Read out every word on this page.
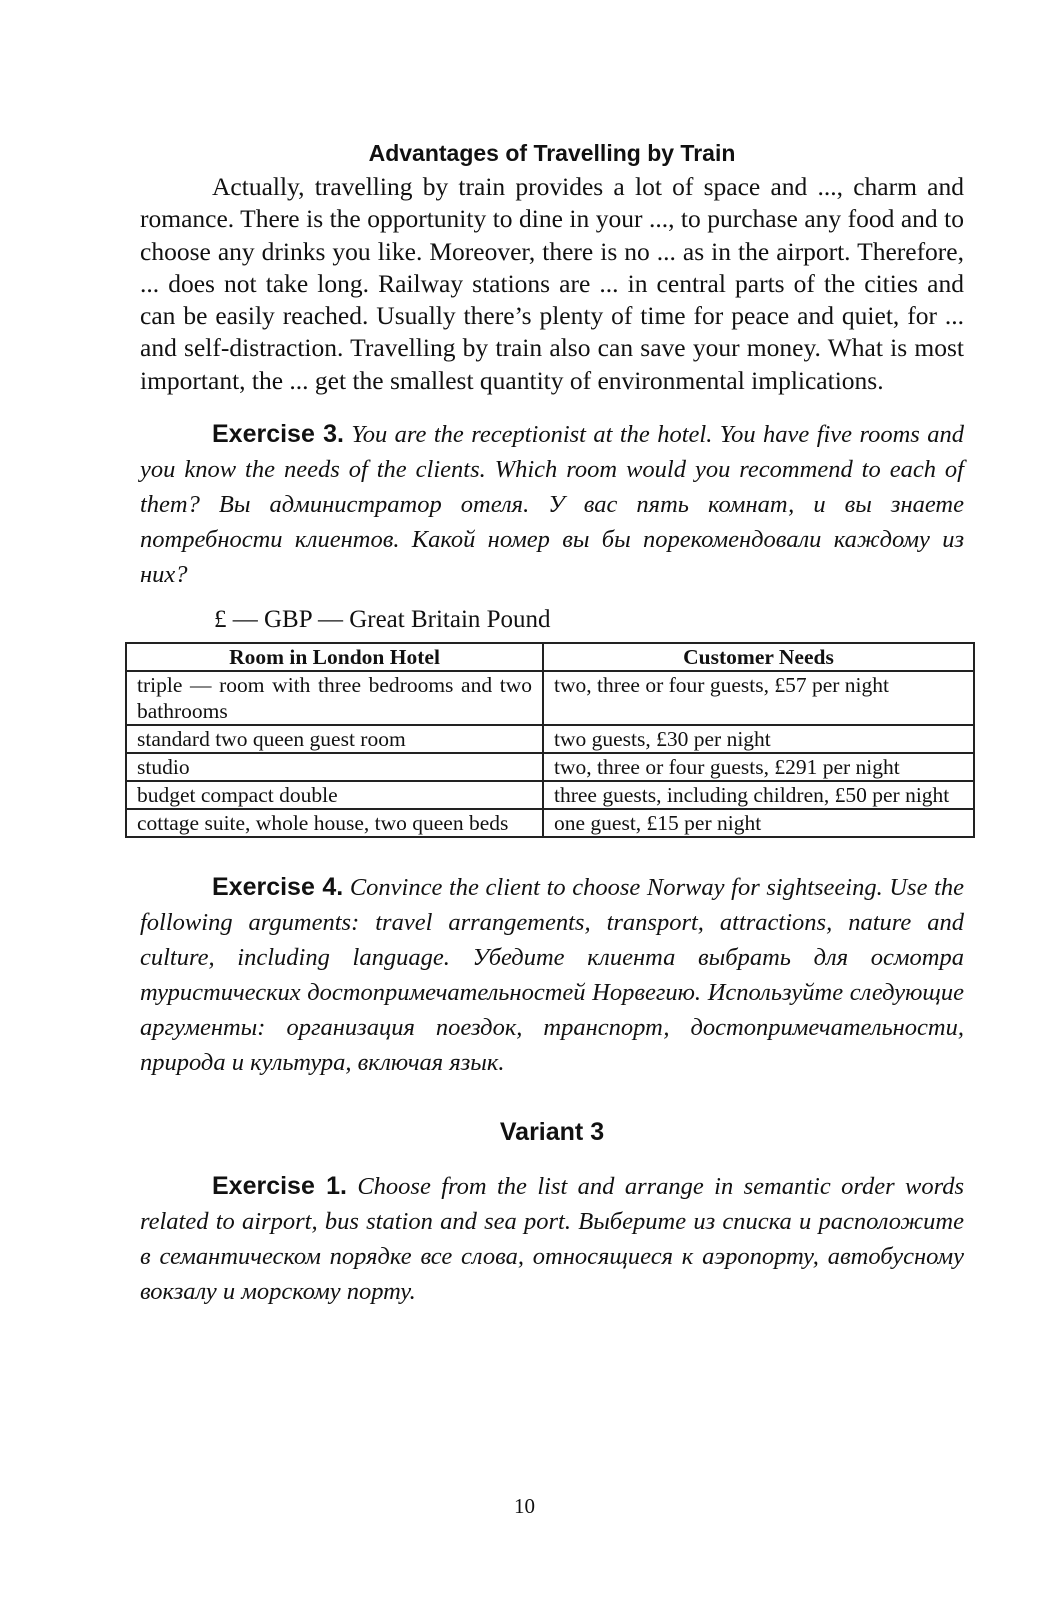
Advantages of Travelling by Train

Actually, travelling by train provides a lot of space and ..., charm and romance. There is the opportunity to dine in your ..., to purchase any food and to choose any drinks you like. Moreover, there is no ... as in the airport. Therefore, ... does not take long. Railway stations are ... in central parts of the cities and can be easily reached. Usually there’s plenty of time for peace and quiet, for ... and self-distraction. Travelling by train also can save your money. What is most important, the ... get the smallest quantity of environmental implications.

Exercise 3. You are the receptionist at the hotel. You have five rooms and you know the needs of the clients. Which room would you recommend to each of them? Вы администратор отеля. У вас пять комнат, и вы знаете потребности клиентов. Какой номер вы бы порекомендовали каждому из них?

£ — GBP — Great Britain Pound
Room in London Hotel	Customer Needs
triple — room with three bedrooms and two bathrooms	two, three or four guests, £57 per night
standard two queen guest room	two guests, £30 per night
studio	two, three or four guests, £291 per night
budget compact double	three guests, including children, £50 per night
cottage suite, whole house, two queen beds	one guest, £15 per night

Exercise 4. Convince the client to choose Norway for sightseeing. Use the following arguments: travel arrangements, transport, attractions, nature and culture, including language. Убедите клиента выбрать для осмотра туристических достопримечательностей Норвегию. Используйте следующие аргументы: организация поездок, транспорт, достопримечательности, природа и культура, включая язык.

Variant 3

Exercise 1. Choose from the list and arrange in semantic order words related to airport, bus station and sea port. Выберите из списка и расположите в семантическом порядке все слова, относящиеся к аэропорту, автобусному вокзалу и морскому порту.

10
